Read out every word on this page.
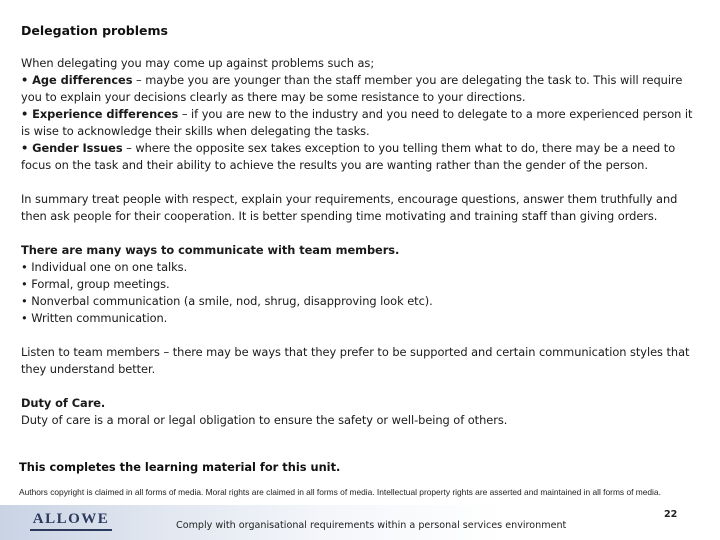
Delegation problems

When delegating you may come up against problems such as;

• Age differences – maybe you are younger than the staff member you are delegating the task to. This will require you to explain your decisions clearly as there may be some resistance to your directions.

• Experience differences – if you are new to the industry and you need to delegate to a more experienced person it is wise to acknowledge their skills when delegating the tasks.

• Gender Issues – where the opposite sex takes exception to you telling them what to do, there may be a need to focus on the task and their ability to achieve the results you are wanting rather than the gender of the person.

In summary treat people with respect, explain your requirements, encourage questions, answer them truthfully and then ask people for their cooperation. It is better spending time motivating and training staff than giving orders.

There are many ways to communicate with team members.

• Individual one on one talks.

• Formal, group meetings.

• Nonverbal communication (a smile, nod, shrug, disapproving look etc).

• Written communication.

Listen to team members – there may be ways that they prefer to be supported and certain communication styles that they understand better.

Duty of Care.

Duty of care is a moral or legal obligation to ensure the safety or well-being of others.

This completes the learning material for this unit.
Authors copyright is claimed in all forms of media. Moral rights are claimed in all forms of media. Intellectual property rights are asserted and maintained in all forms of media.
ALLOWE	Comply with organisational requirements within a personal services environment
22
